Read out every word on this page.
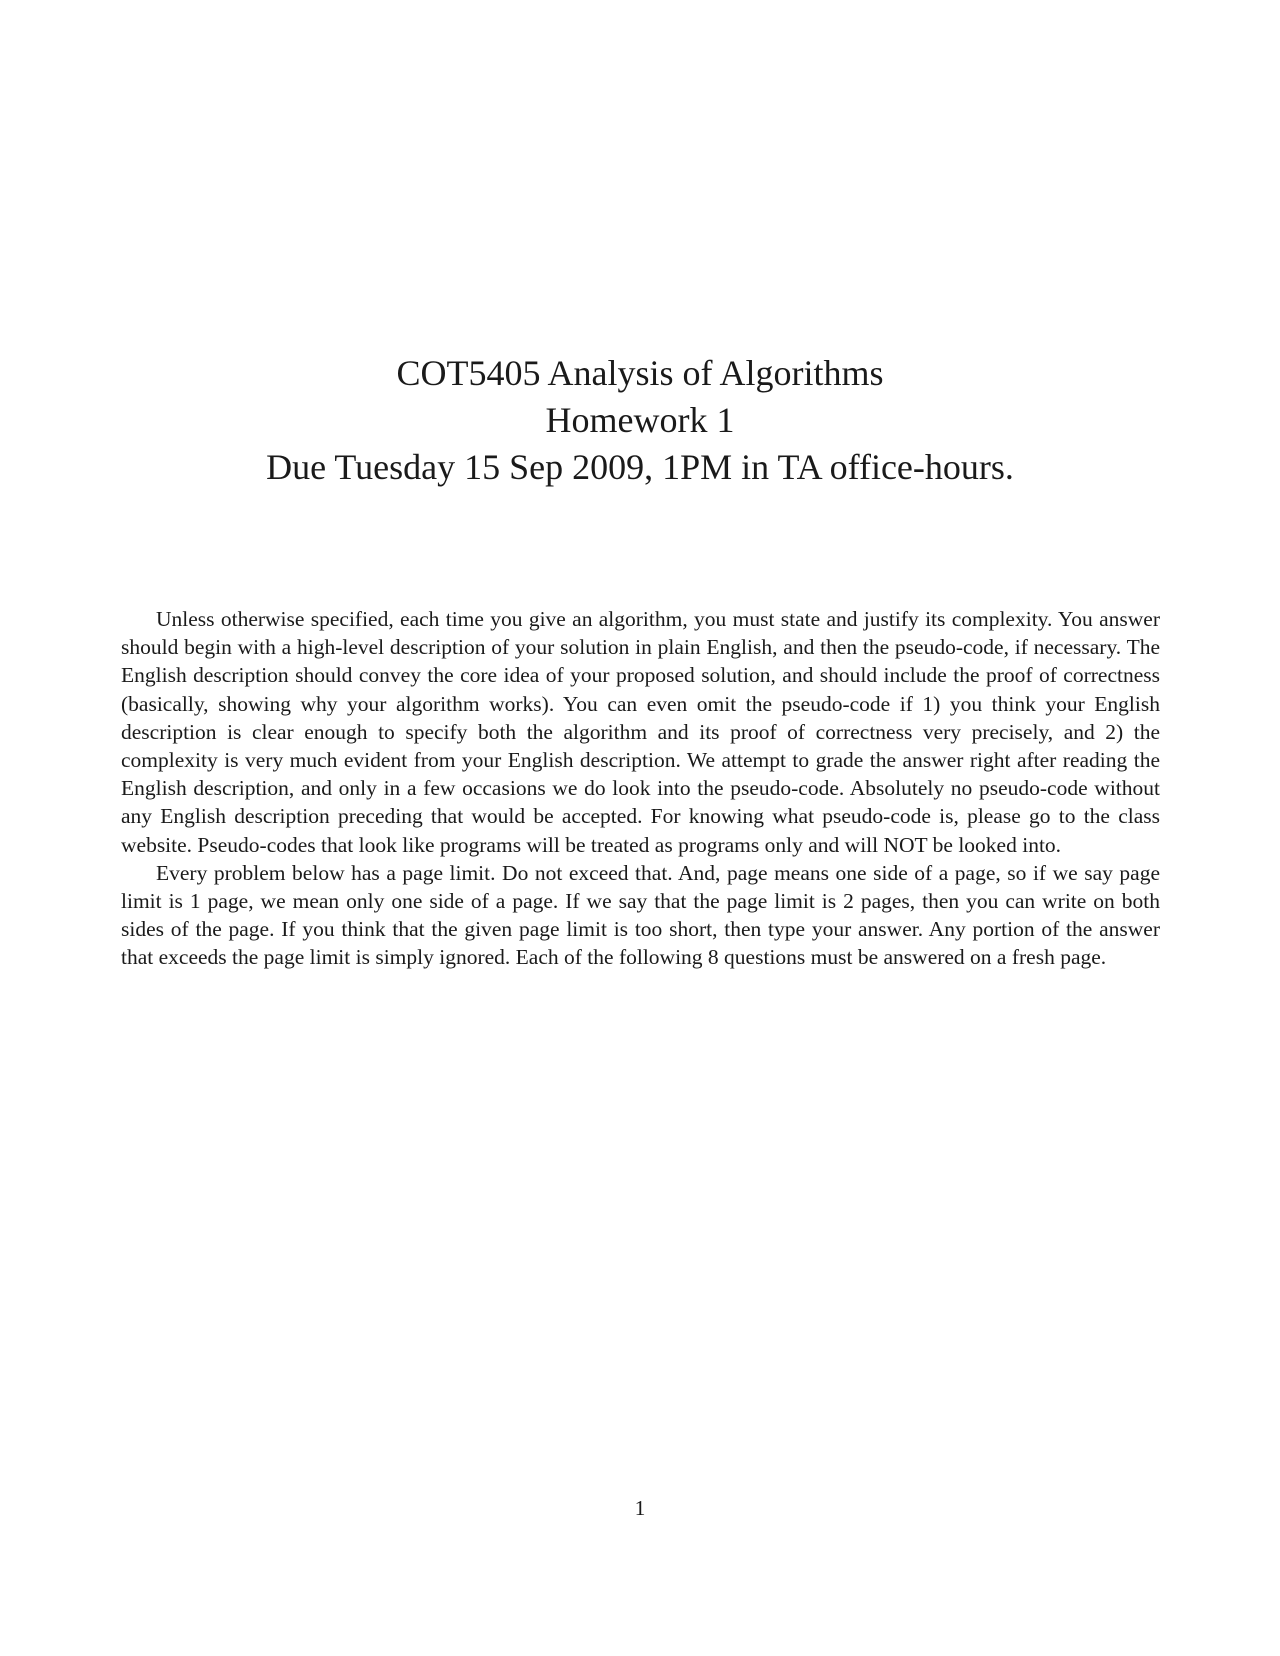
COT5405 Analysis of Algorithms
Homework 1
Due Tuesday 15 Sep 2009, 1PM in TA office-hours.

Unless otherwise specified, each time you give an algorithm, you must state and justify its complexity. You answer should begin with a high-level description of your solution in plain English, and then the pseudo-code, if necessary. The English description should convey the core idea of your proposed solution, and should include the proof of correctness (basically, showing why your algorithm works). You can even omit the pseudo-code if 1) you think your English description is clear enough to specify both the algorithm and its proof of correctness very precisely, and 2) the complexity is very much evident from your English description. We attempt to grade the answer right after reading the English description, and only in a few occasions we do look into the pseudo-code. Absolutely no pseudo-code without any English description preceding that would be accepted. For knowing what pseudo-code is, please go to the class website. Pseudo-codes that look like programs will be treated as programs only and will NOT be looked into.

Every problem below has a page limit. Do not exceed that. And, page means one side of a page, so if we say page limit is 1 page, we mean only one side of a page. If we say that the page limit is 2 pages, then you can write on both sides of the page. If you think that the given page limit is too short, then type your answer. Any portion of the answer that exceeds the page limit is simply ignored. Each of the following 8 questions must be answered on a fresh page.

1
